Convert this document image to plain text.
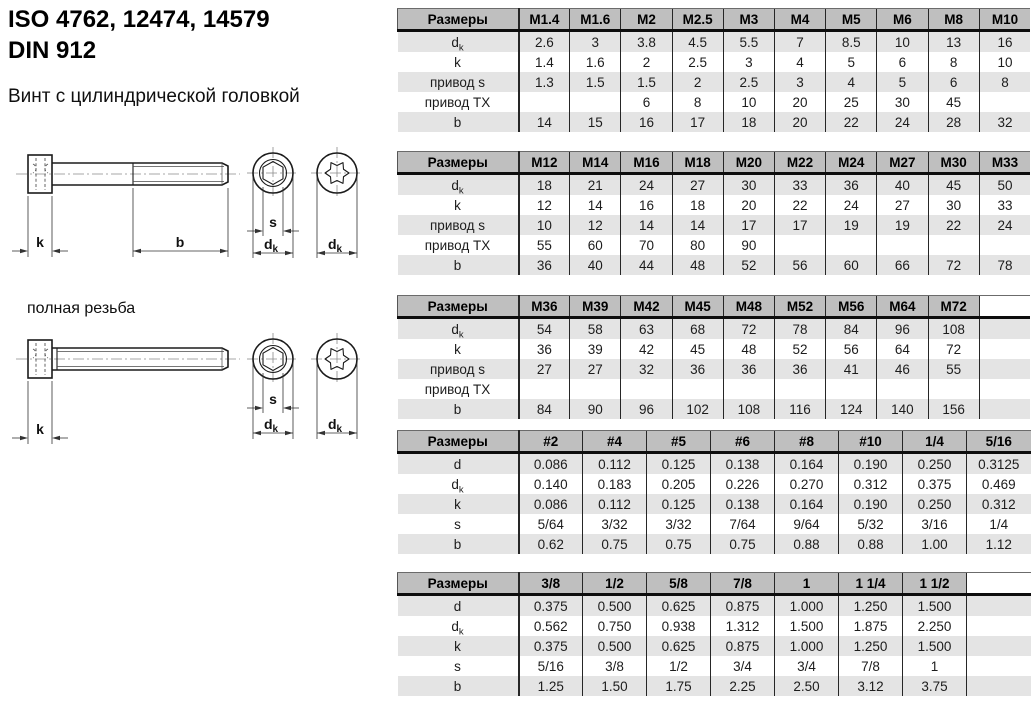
ISO 4762, 12474, 14579
DIN 912
Винт с цилиндрической головкой
k	b
s
$d_k$	$d_k$
полная резьба
k
s
$d_k$	$d_k$
Размеры	M1.4	M1.6	M2	M2.5	M3	M4	M5	M6	M8	M10
$d_k$	2.6	3	3.8	4.5	5.5	7	8.5	10	13	16
k	1.4	1.6	2	2.5	3	4	5	6	8	10
привод s	1.3	1.5	1.5	2	2.5	3	4	5	6	8
привод TX			6	8	10	20	25	30	45	
b	14	15	16	17	18	20	22	24	28	32
Размеры	M12	M14	M16	M18	M20	M22	M24	M27	M30	M33
$d_k$	18	21	24	27	30	33	36	40	45	50
k	12	14	16	18	20	22	24	27	30	33
привод s	10	12	14	14	17	17	19	19	22	24
привод TX	55	60	70	80	90					
b	36	40	44	48	52	56	60	66	72	78
Размеры	M36	M39	M42	M45	M48	M52	M56	M64	M72	
$d_k$	54	58	63	68	72	78	84	96	108	
k	36	39	42	45	48	52	56	64	72	
привод s	27	27	32	36	36	36	41	46	55	
привод TX										
b	84	90	96	102	108	116	124	140	156	
Размеры	#2	#4	#5	#6	#8	#10	1/4	5/16
d	0.086	0.112	0.125	0.138	0.164	0.190	0.250	0.3125
$d_k$	0.140	0.183	0.205	0.226	0.270	0.312	0.375	0.469
k	0.086	0.112	0.125	0.138	0.164	0.190	0.250	0.312
s	5/64	3/32	3/32	7/64	9/64	5/32	3/16	1/4
b	0.62	0.75	0.75	0.75	0.88	0.88	1.00	1.12
Размеры	3/8	1/2	5/8	7/8	1	1 1/4	1 1/2	
d	0.375	0.500	0.625	0.875	1.000	1.250	1.500	
$d_k$	0.562	0.750	0.938	1.312	1.500	1.875	2.250	
k	0.375	0.500	0.625	0.875	1.000	1.250	1.500	
s	5/16	3/8	1/2	3/4	3/4	7/8	1	
b	1.25	1.50	1.75	2.25	2.50	3.12	3.75	
